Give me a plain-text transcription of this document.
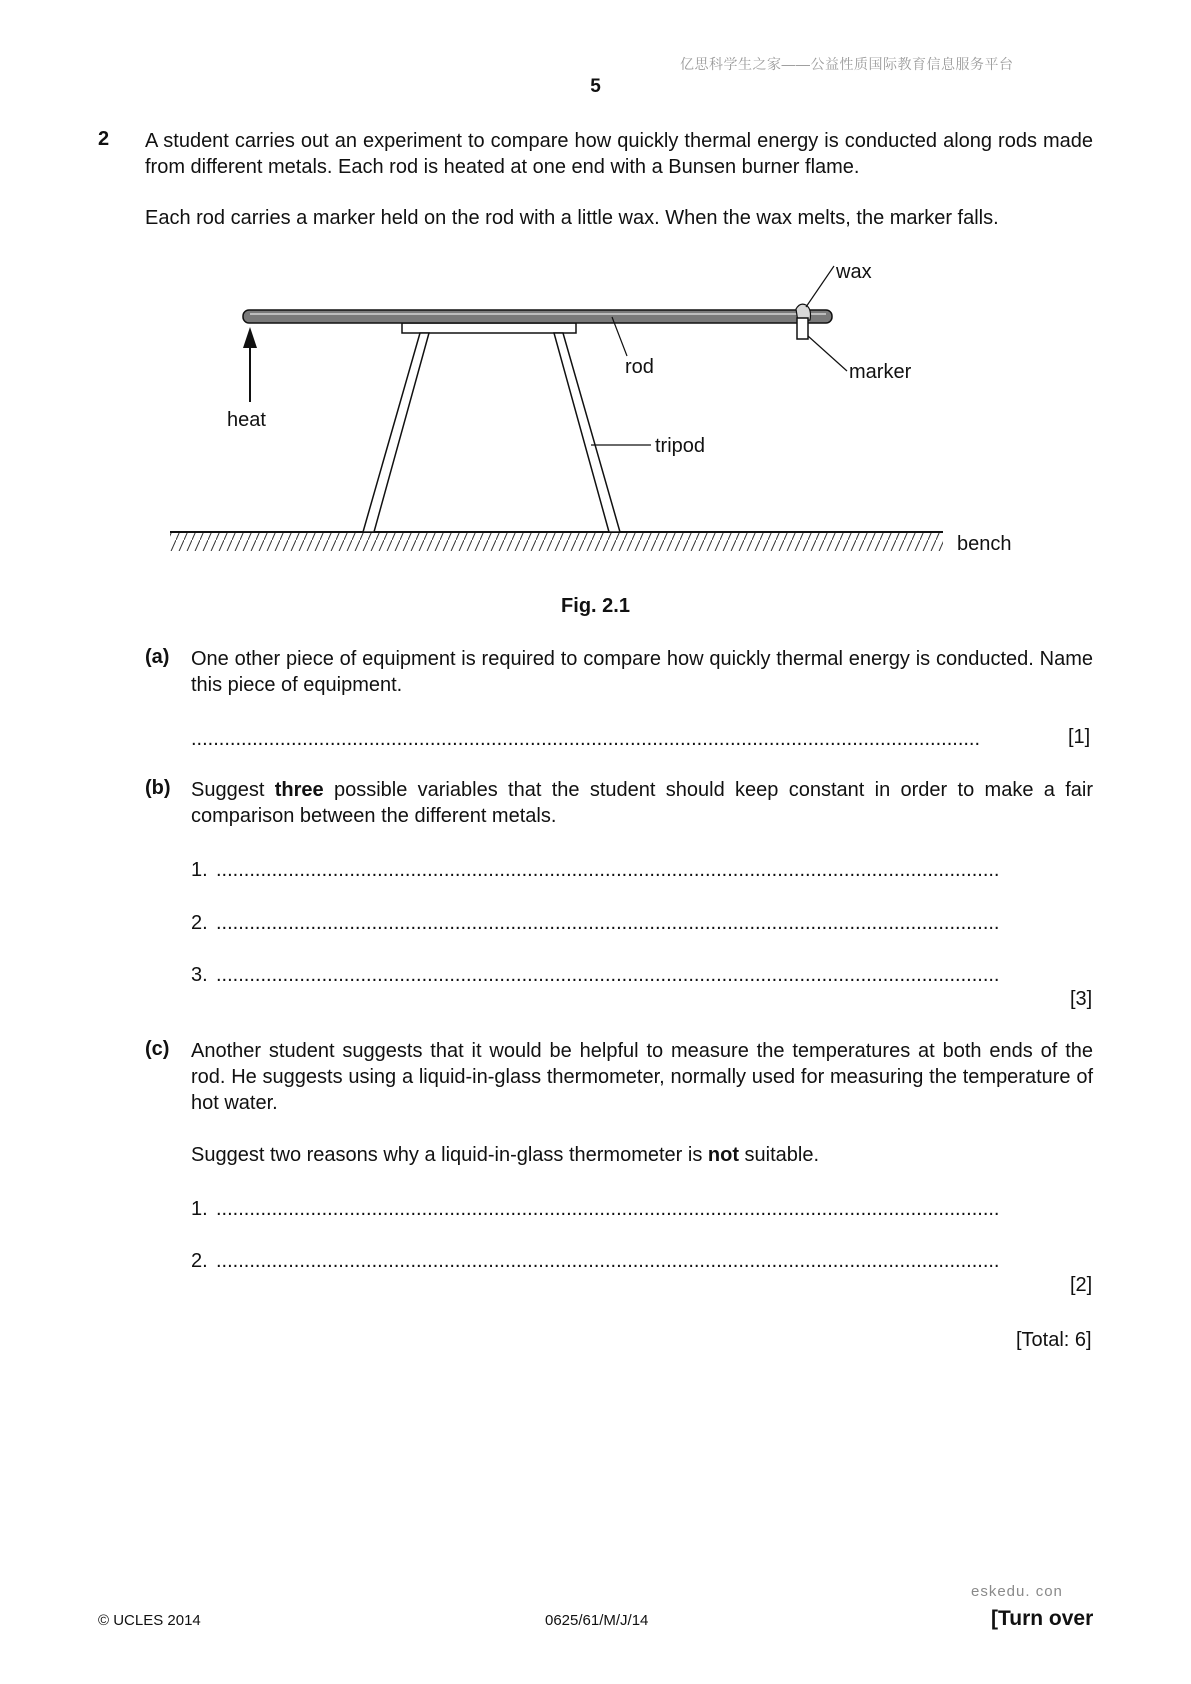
亿思科学生之家——公益性质国际教育信息服务平台
5
2 A student carries out an experiment to compare how quickly thermal energy is conducted along rods made from different metals. Each rod is heated at one end with a Bunsen burner flame.
Each rod carries a marker held on the rod with a little wax. When the wax melts, the marker falls.
wax
rod	marker
heat
tripod
bench
Fig. 2.1
(a) One other piece of equipment is required to compare how quickly thermal energy is conducted. Name this piece of equipment.
..............................................................................................................................................	[1]
(b) Suggest three possible variables that the student should keep constant in order to make a fair comparison between the different metals.
1. .............................................................................................................................................
2. .............................................................................................................................................
3. .............................................................................................................................................
[3]
(c) Another student suggests that it would be helpful to measure the temperatures at both ends of the rod. He suggests using a liquid-in-glass thermometer, normally used for measuring the temperature of hot water.
Suggest two reasons why a liquid-in-glass thermometer is not suitable.
1. .............................................................................................................................................
2. .............................................................................................................................................
[2]
[Total: 6]
eskedu. con
© UCLES 2014	0625/61/M/J/14	[Turn over
